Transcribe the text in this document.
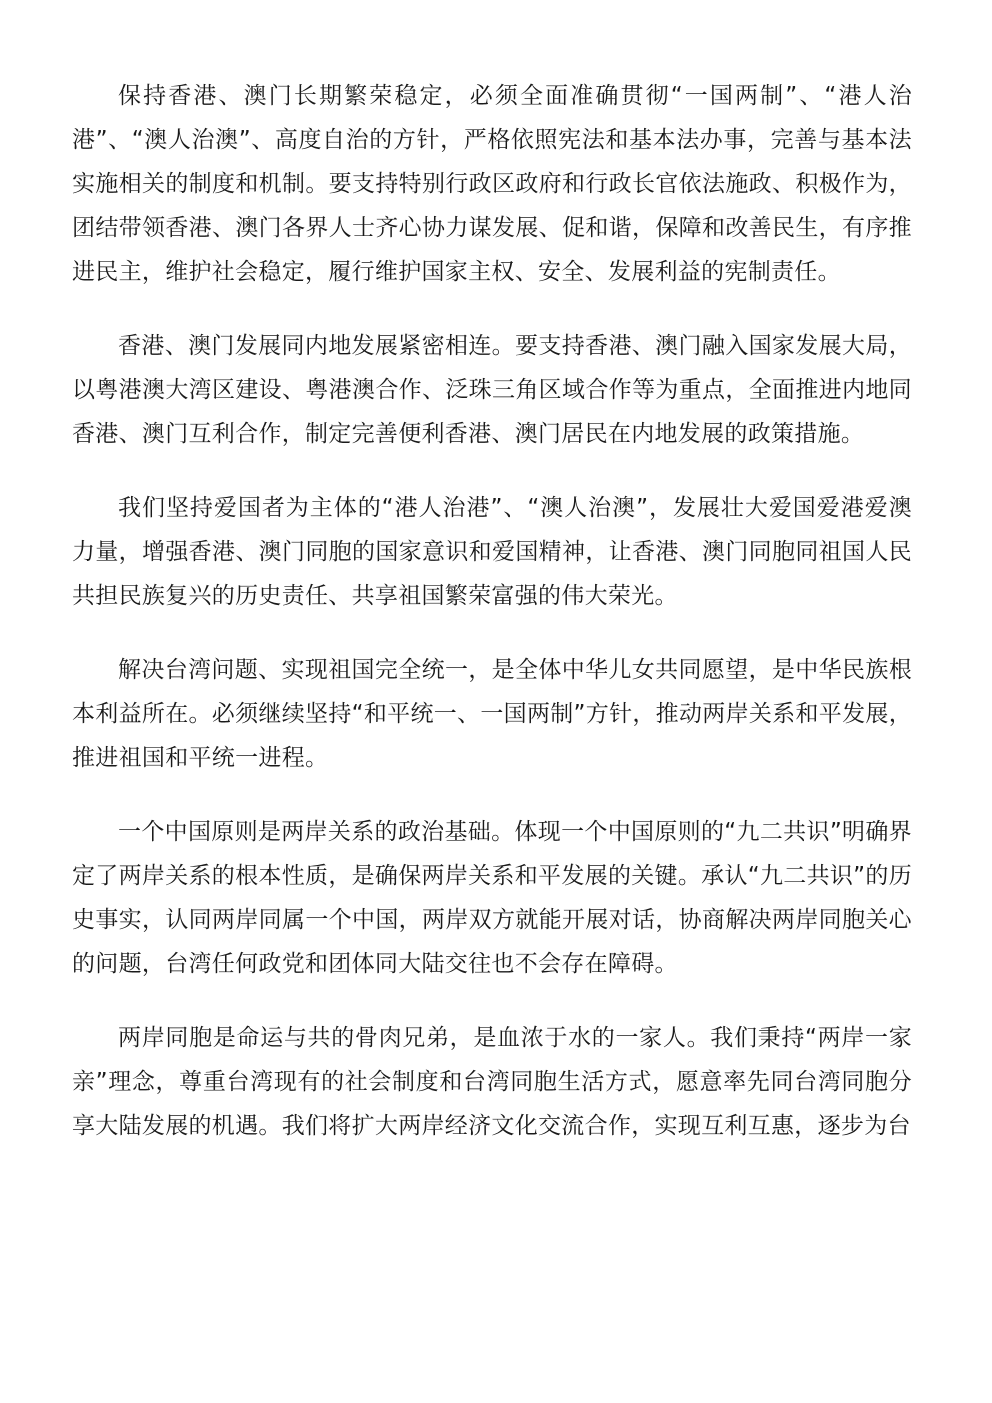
保持香港、澳门长期繁荣稳定，必须全面准确贯彻“一国两制”、“港人治港”、“澳人治澳”、高度自治的方针，严格依照宪法和基本法办事，完善与基本法实施相关的制度和机制。要支持特别行政区政府和行政长官依法施政、积极作为，团结带领香港、澳门各界人士齐心协力谋发展、促和谐，保障和改善民生，有序推进民主，维护社会稳定，履行维护国家主权、安全、发展利益的宪制责任。

香港、澳门发展同内地发展紧密相连。要支持香港、澳门融入国家发展大局，以粤港澳大湾区建设、粤港澳合作、泛珠三角区域合作等为重点，全面推进内地同香港、澳门互利合作，制定完善便利香港、澳门居民在内地发展的政策措施。

我们坚持爱国者为主体的“港人治港”、“澳人治澳”，发展壮大爱国爱港爱澳力量，增强香港、澳门同胞的国家意识和爱国精神，让香港、澳门同胞同祖国人民共担民族复兴的历史责任、共享祖国繁荣富强的伟大荣光。

解决台湾问题、实现祖国完全统一，是全体中华儿女共同愿望，是中华民族根本利益所在。必须继续坚持“和平统一、一国两制”方针，推动两岸关系和平发展，推进祖国和平统一进程。

一个中国原则是两岸关系的政治基础。体现一个中国原则的“九二共识”明确界定了两岸关系的根本性质，是确保两岸关系和平发展的关键。承认“九二共识”的历史事实，认同两岸同属一个中国，两岸双方就能开展对话，协商解决两岸同胞关心的问题，台湾任何政党和团体同大陆交往也不会存在障碍。

两岸同胞是命运与共的骨肉兄弟，是血浓于水的一家人。我们秉持“两岸一家亲”理念，尊重台湾现有的社会制度和台湾同胞生活方式，愿意率先同台湾同胞分享大陆发展的机遇。我们将扩大两岸经济文化交流合作，实现互利互惠，逐步为台
